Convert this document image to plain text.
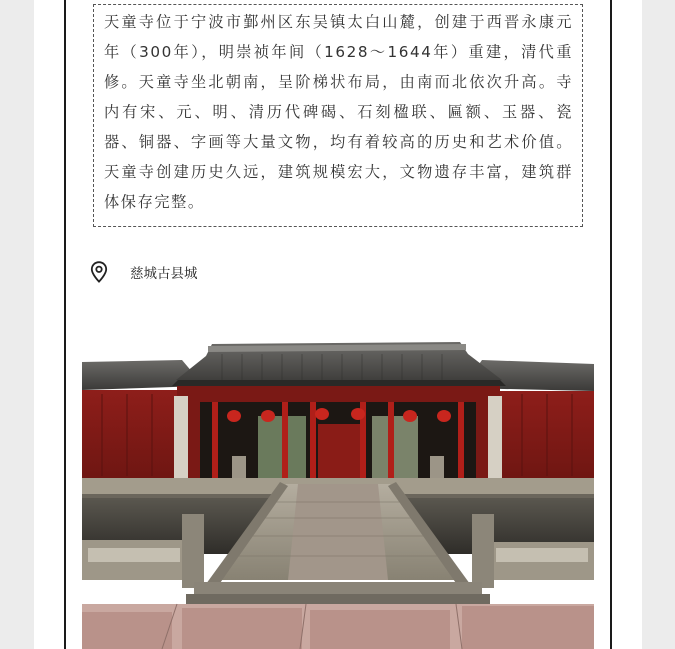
天童寺位于宁波市鄞州区东吴镇太白山麓，创建于西晋永康元年（300年），明崇祯年间（1628～1644年）重建，清代重修。天童寺坐北朝南，呈阶梯状布局，由南而北依次升高。寺内有宋、元、明、清历代碑碣、石刻楹联、匾额、玉器、瓷器、铜器、字画等大量文物，均有着较高的历史和艺术价值。天童寺创建历史久远，建筑规模宏大，文物遗存丰富，建筑群体保存完整。

慈城古县城
